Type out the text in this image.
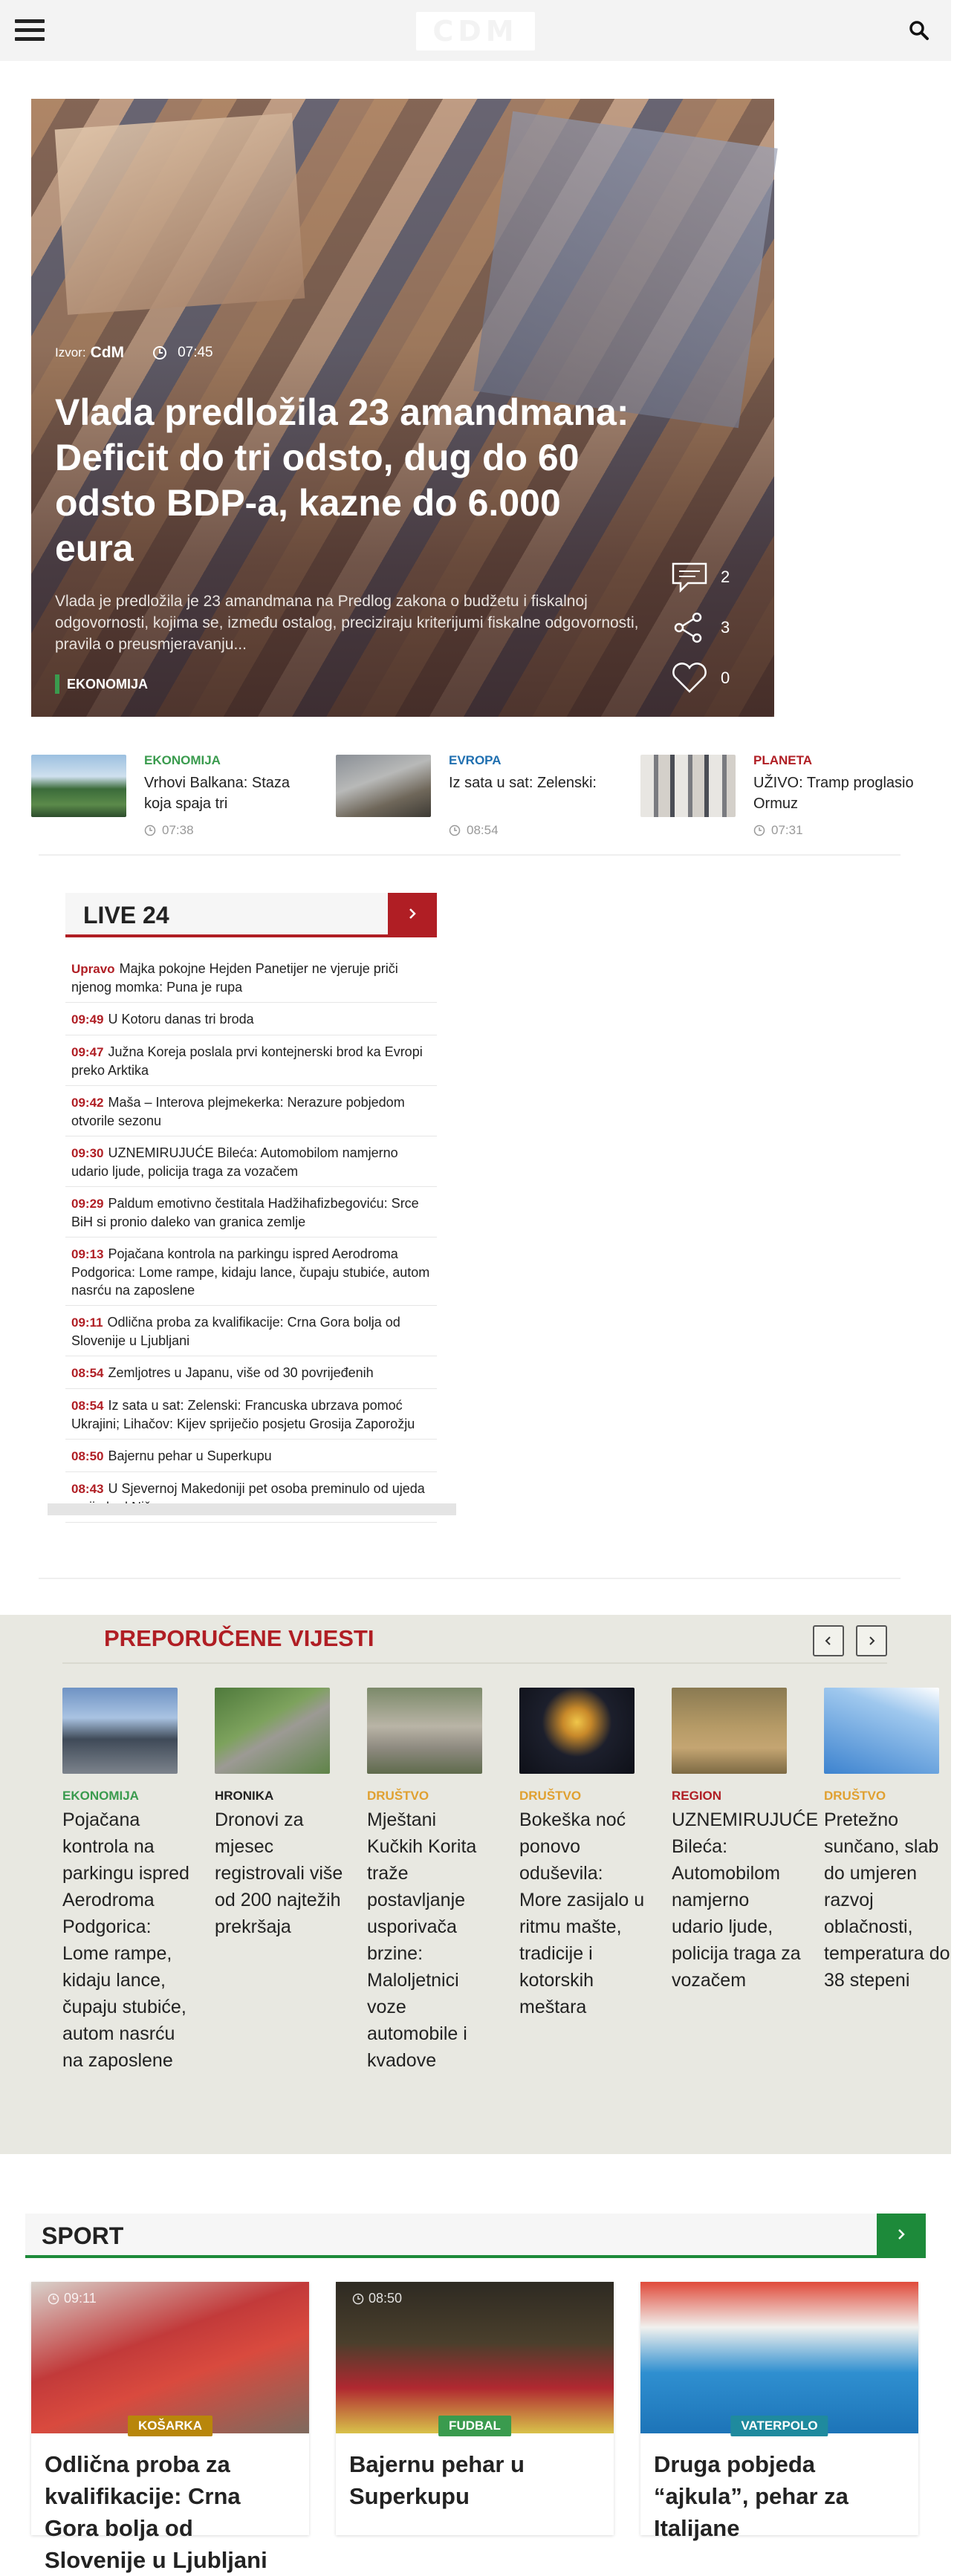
CDM
Izvor: CdM	07:45
Vlada predložila 23 amandmana: Deficit do tri odsto, dug do 60 odsto BDP-a, kazne do 6.000 eura
Vlada je predložila je 23 amandmana na Predlog zakona o budžetu i fiskalnoj odgovornosti, kojima se, između ostalog, preciziraju kriterijumi fiskalne odgovornosti, pravila o preusmjeravanju...
EKONOMIJA
2
3
0
EKONOMIJA
Vrhovi Balkana: Staza koja spaja tri
07:38
EVROPA
Iz sata u sat: Zelenski:
08:54
PLANETA
UŽIVO: Tramp proglasio Ormuz
07:31
LIVE 24
Upravo Majka pokojne Hejden Panetijer ne vjeruje priči njenog momka: Puna je rupa
09:49 U Kotoru danas tri broda
09:47 Južna Koreja poslala prvi kontejnerski brod ka Evropi preko Arktika
09:42 Maša – Interova plejmekerka: Nerazure pobjedom otvorile sezonu
09:30 UZNEMIRUJUĆE Bileća: Automobilom namjerno udario ljude, policija traga za vozačem
09:29 Paldum emotivno čestitala Hadžihafizbegoviću: Srce BiH si pronio daleko van granica zemlje
09:13 Pojačana kontrola na parkingu ispred Aerodroma Podgorica: Lome rampe, kidaju lance, čupaju stubiće, autom nasrću na zaposlene
09:11 Odlična proba za kvalifikacije: Crna Gora bolja od Slovenije u Ljubljani
08:54 Zemljotres u Japanu, više od 30 povrijeđenih
08:54 Iz sata u sat: Zelenski: Francuska ubrzava pomoć Ukrajini; Lihačov: Kijev spriječio posjetu Grosija Zaporožju
08:50 Bajernu pehar u Superkupu
08:43 U Sjevernoj Makedoniji pet osoba preminulo od ujeda
PREPORUČENE VIJESTI
EKONOMIJA
Pojačana kontrola na parkingu ispred Aerodroma Podgorica: Lome rampe, kidaju lance, čupaju stubiće, autom nasrću na zaposlene
HRONIKA
Dronovi za mjesec registrovali više od 200 najtežih prekršaja
DRUŠTVO
Mještani Kučkih Korita traže postavljanje usporivača brzine: Maloljetnici voze automobile i kvadove
DRUŠTVO
Bokeška noć ponovo oduševila: More zasijalo u ritmu mašte, tradicije i kotorskih meštara
REGION
UZNEMIRUJUĆE Bileća: Automobilom namjerno udario ljude, policija traga za vozačem
DRUŠTVO
Pretežno sunčano, slab do umjeren razvoj oblačnosti, temperatura do 38 stepeni
SPORT
09:11
KOŠARKA
Odlična proba za kvalifikacije: Crna Gora bolja od Slovenije u Ljubljani
08:50
FUDBAL
Bajernu pehar u Superkupu
VATERPOLO
Druga pobjeda “ajkula”, pehar za Italijane
